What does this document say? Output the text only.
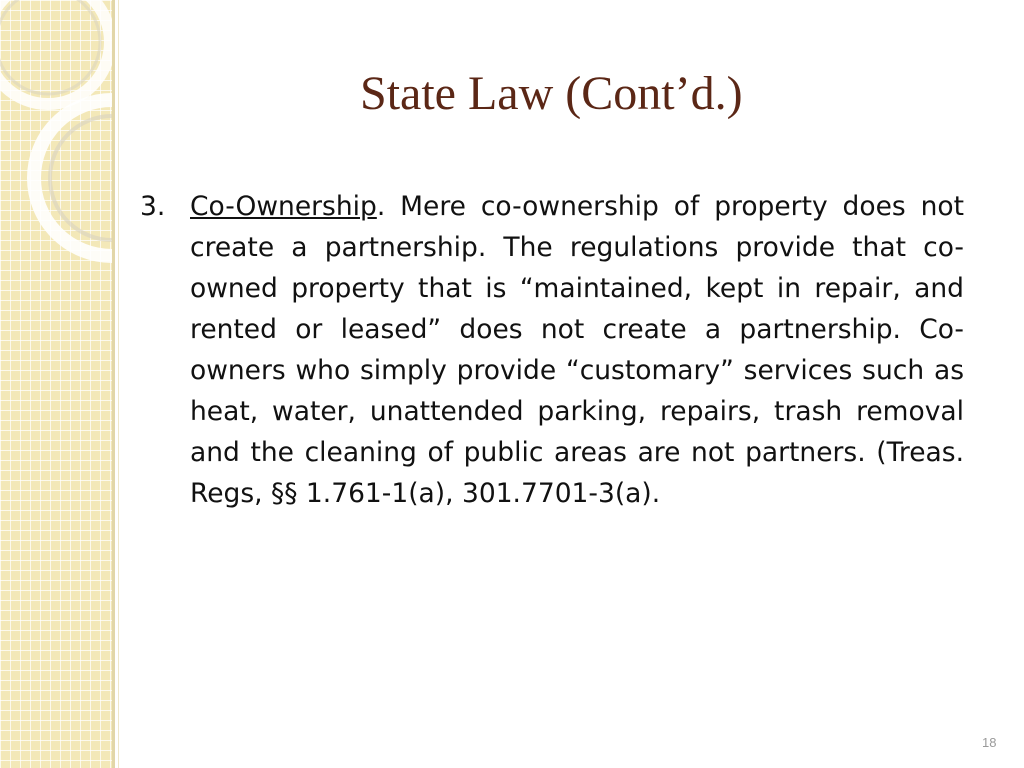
State Law (Cont’d.)
3. Co-Ownership. Mere co-ownership of property does not create a partnership. The regulations provide that co-owned property that is “maintained, kept in repair, and rented or leased” does not create a partnership. Co-owners who simply provide “customary” services such as heat, water, unattended parking, repairs, trash removal and the cleaning of public areas are not partners. (Treas. Regs, §§ 1.761-1(a), 301.7701-3(a).
18
